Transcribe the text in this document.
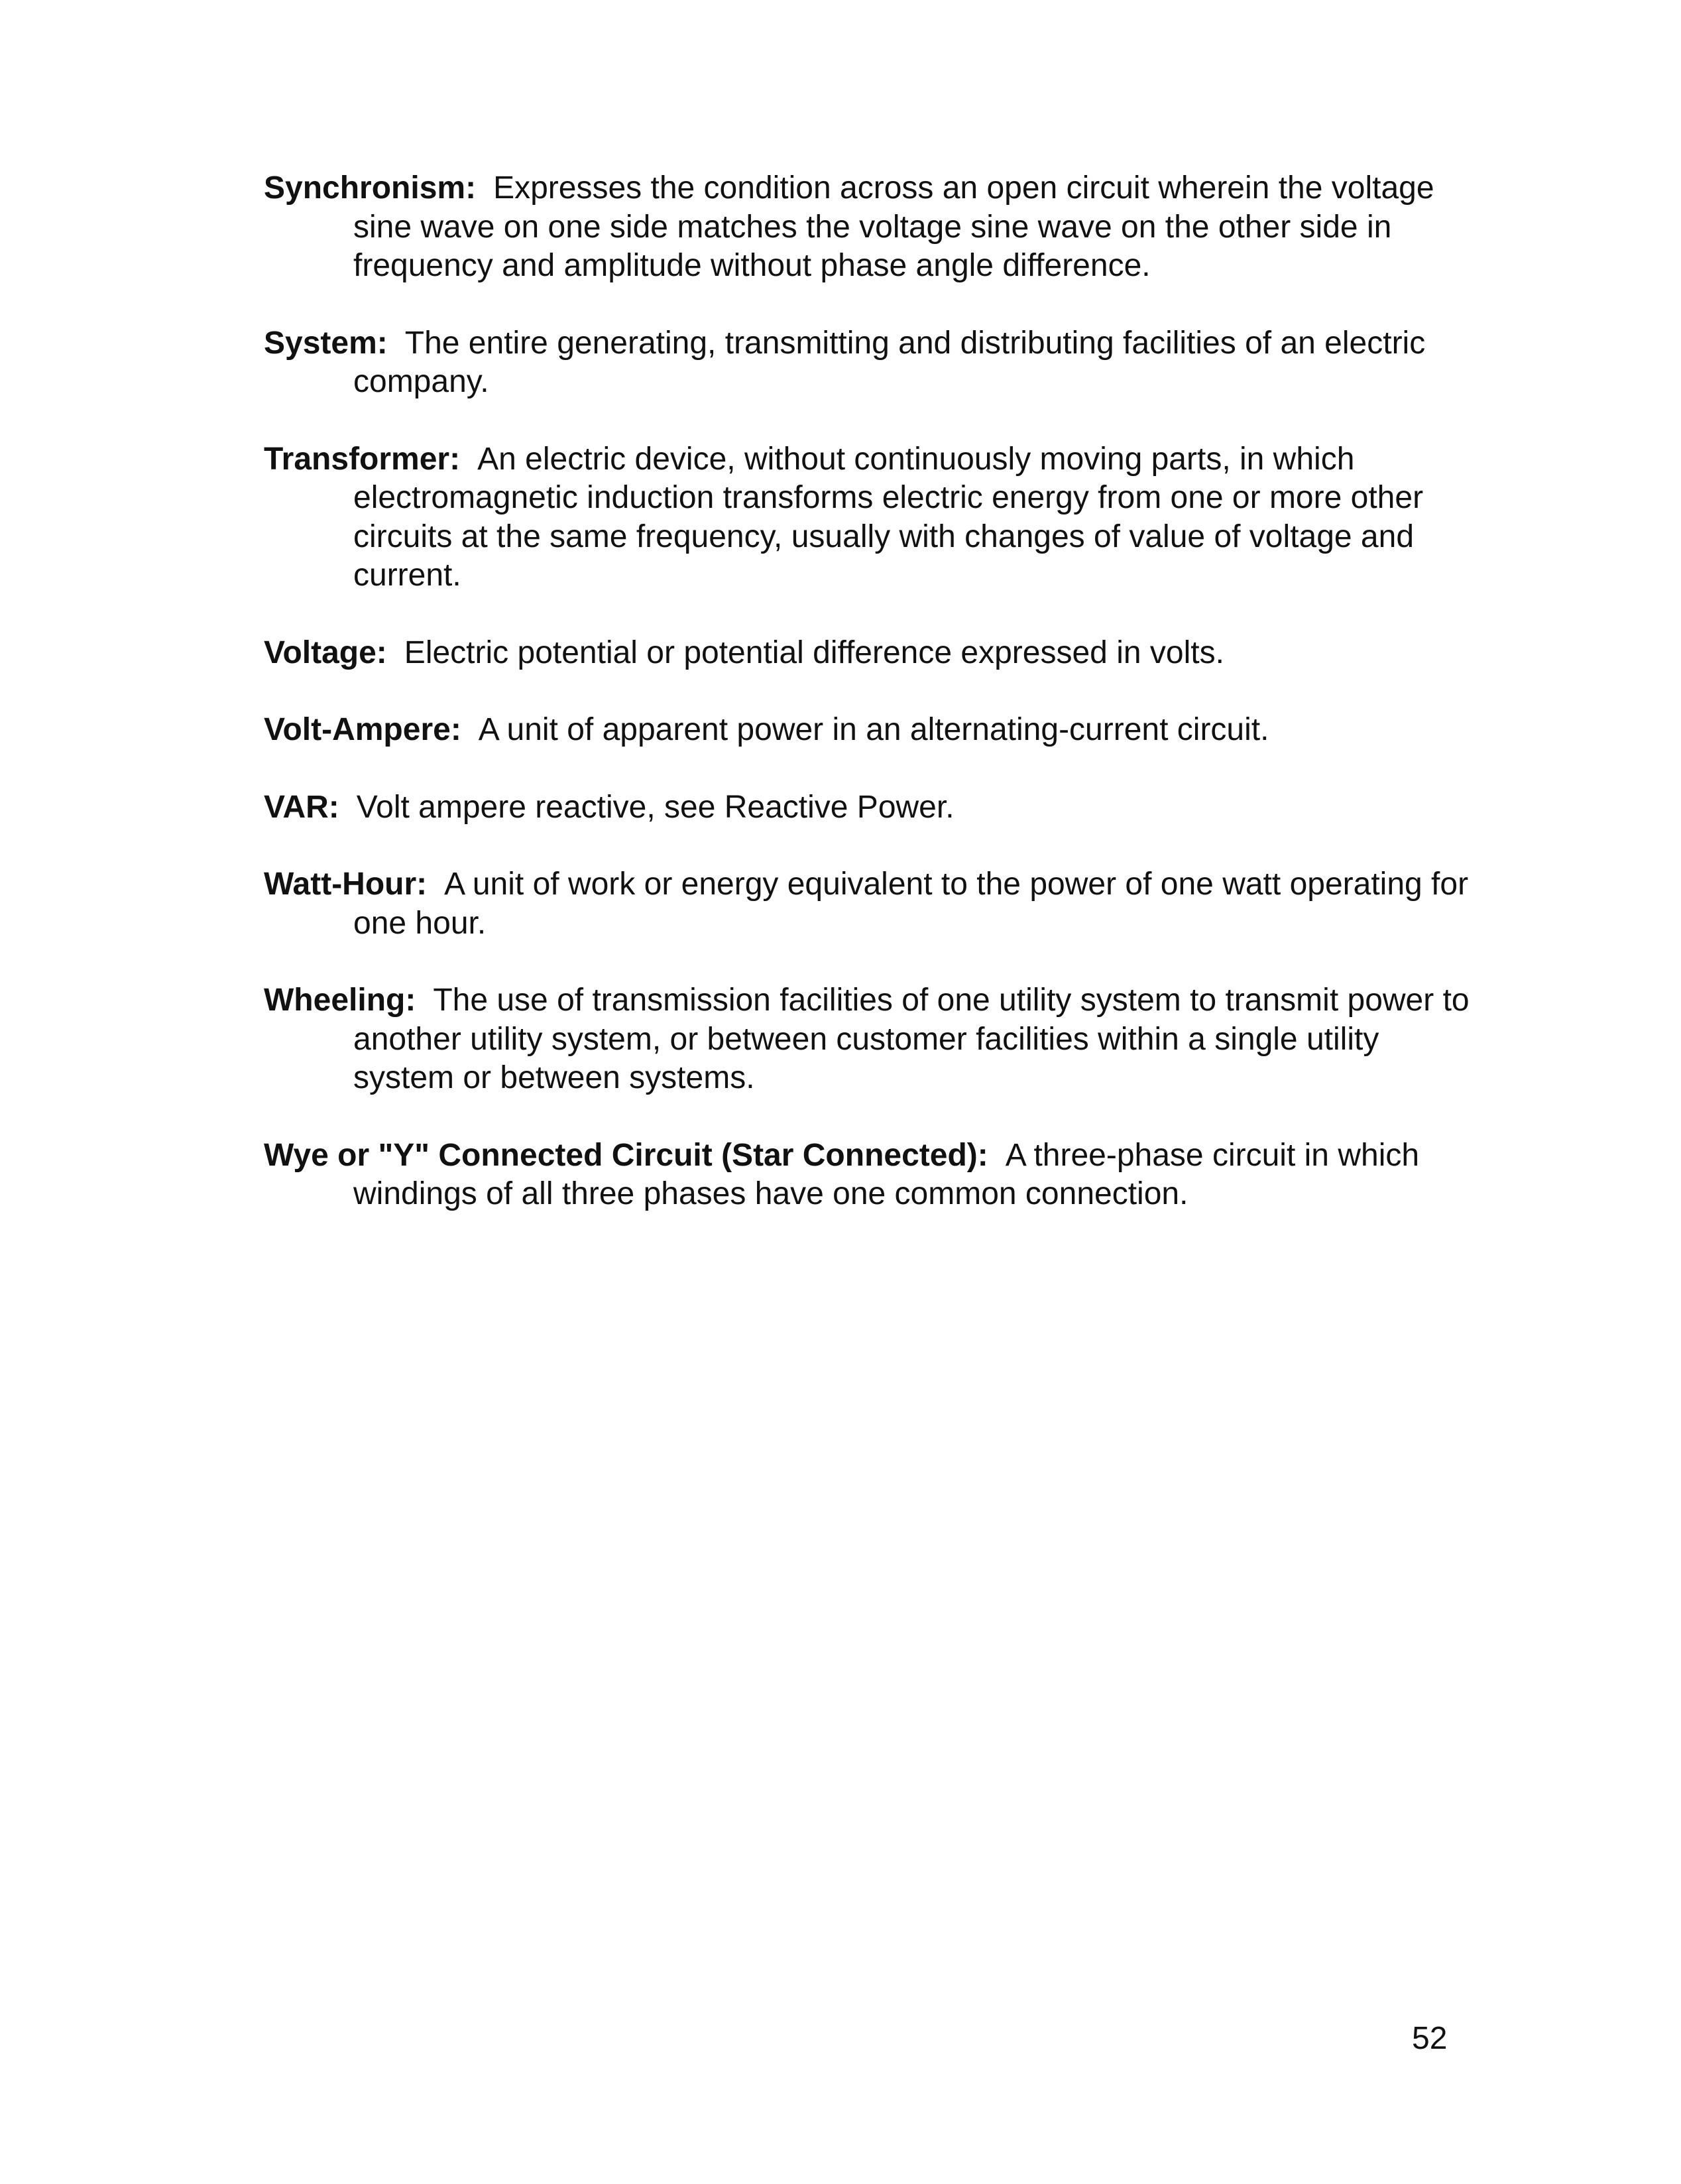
Synchronism: Expresses the condition across an open circuit wherein the voltage sine wave on one side matches the voltage sine wave on the other side in frequency and amplitude without phase angle difference.

System: The entire generating, transmitting and distributing facilities of an electric company.

Transformer: An electric device, without continuously moving parts, in which electromagnetic induction transforms electric energy from one or more other circuits at the same frequency, usually with changes of value of voltage and current.

Voltage: Electric potential or potential difference expressed in volts.

Volt-Ampere: A unit of apparent power in an alternating-current circuit.

VAR: Volt ampere reactive, see Reactive Power.

Watt-Hour: A unit of work or energy equivalent to the power of one watt operating for one hour.

Wheeling: The use of transmission facilities of one utility system to transmit power to another utility system, or between customer facilities within a single utility system or between systems.

Wye or "Y" Connected Circuit (Star Connected): A three-phase circuit in which windings of all three phases have one common connection.

52
